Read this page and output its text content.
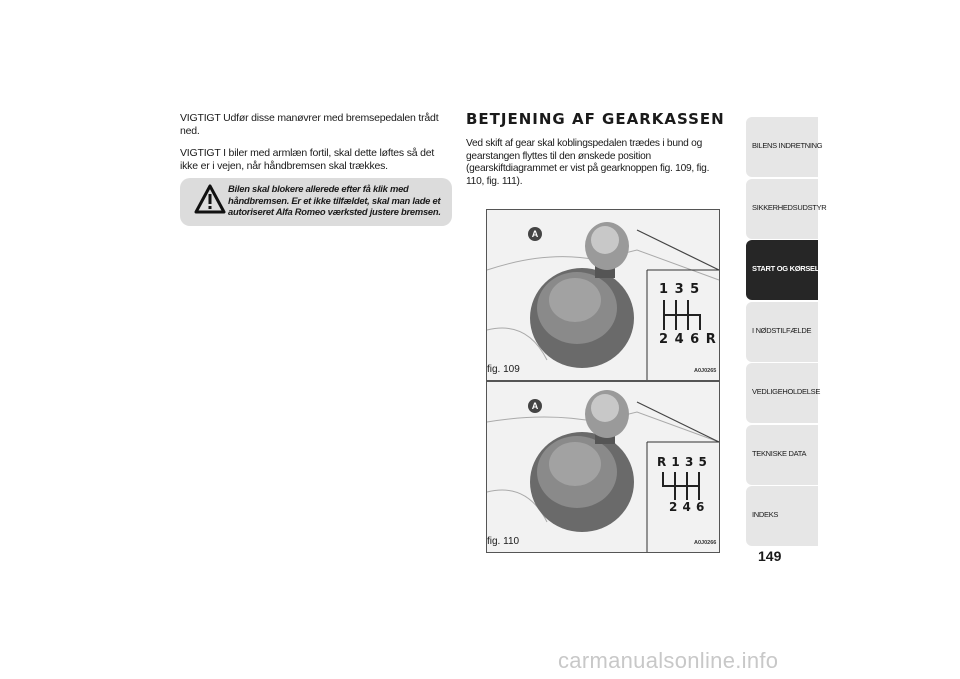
VIGTIGT Udfør disse manøvrer med bremsepedalen trådt ned.

VIGTIGT I biler med armlæn fortil, skal dette løftes så det ikke er i vejen, når håndbremsen skal trækkes.

Bilen skal blokere allerede efter få klik med håndbremsen. Er et ikke tilfældet, skal man lade et autoriseret Alfa Romeo værksted justere bremsen.
BETJENING AF GEARKASSEN
Ved skift af gear skal koblingspedalen trædes i bund og gearstangen flyttes til den ønskede position (gearskiftdiagrammet er vist på gearknoppen fig. 109, fig. 110, fig. 111).
A
1 3 5
2 4 6 R
fig. 109	A0J0265
A
R 1 3 5
2 4 6
fig. 110	A0J0266
BILENS INDRETNING
SIKKERHEDSUDSTYR
START OG KØRSEL
I NØDSTILFÆLDE
VEDLIGEHOLDELSE
TEKNISKE DATA
INDEKS
149
carmanualsonline.info
